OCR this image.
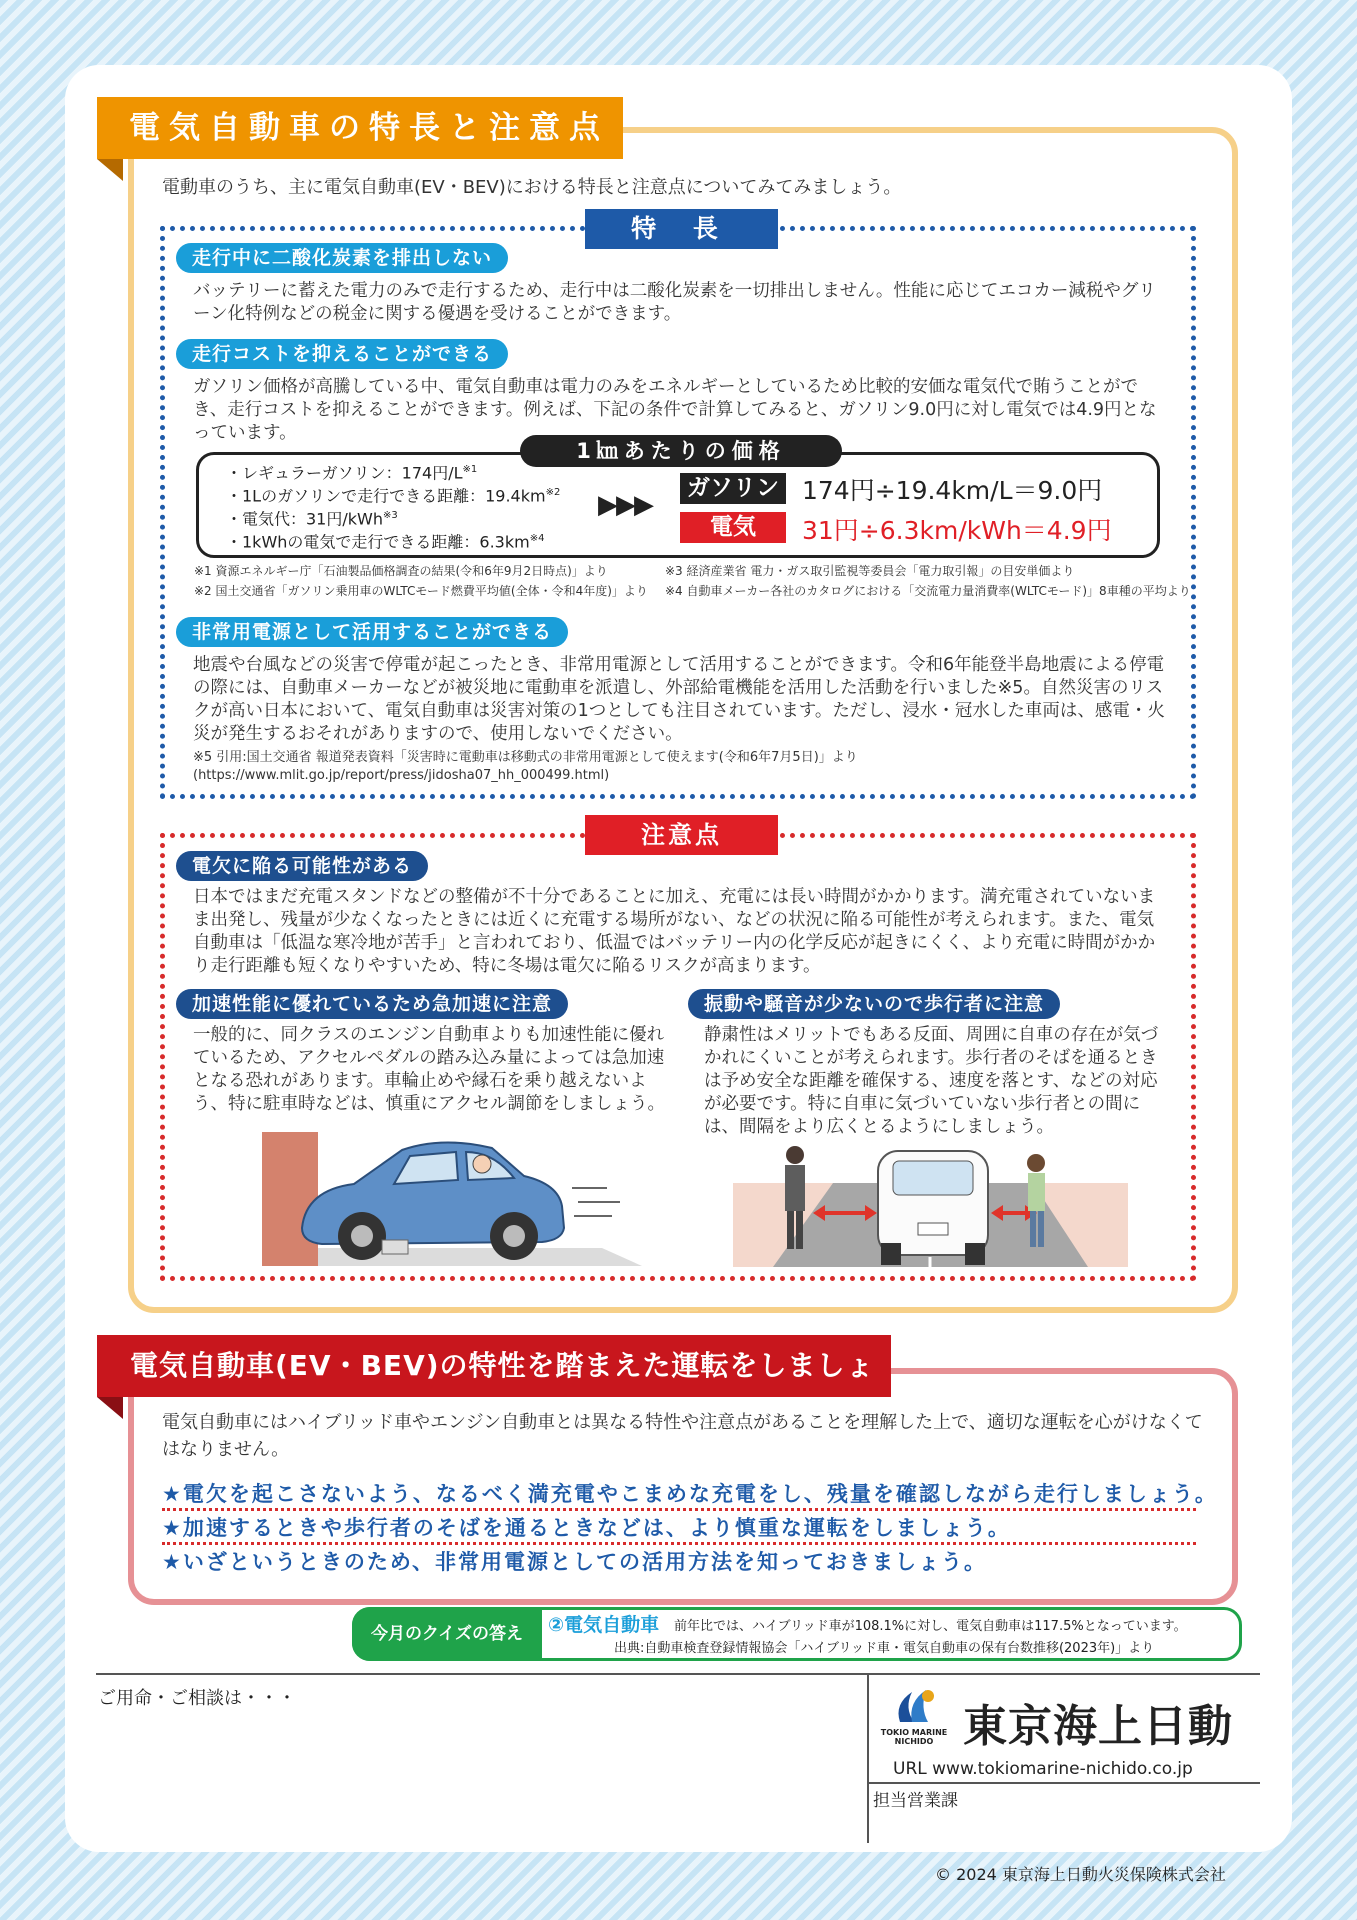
電気自動車の特長と注意点
電動車のうち、主に電気自動車(EV・BEV)における特長と注意点についてみてみましょう。
特 長
走行中に二酸化炭素を排出しない
バッテリーに蓄えた電力のみで走行するため、走行中は二酸化炭素を一切排出しません。性能に応じてエコカー減税やグリーン化特例などの税金に関する優遇を受けることができます。
走行コストを抑えることができる
ガソリン価格が高騰している中、電気自動車は電力のみをエネルギーとしているため比較的安価な電気代で賄うことができ、走行コストを抑えることができます。例えば、下記の条件で計算してみると、ガソリン9.0円に対し電気では4.9円となっています。
1㎞あたりの価格
・レギュラーガソリン：174円$/L^{※1}$
・1Lのガソリンで走行できる距離：$19.4km^{※2}$
・電気代：31円/kWh$^{※3}$
・1kWhの電気で走行できる距離：$6.3km^{※4}$
▶▶▶
ガソリン 174円÷19.4km/L＝9.0円
電気	31円÷6.3km/kWh＝4.9円
※1 資源エネルギー庁「石油製品価格調査の結果(令和6年9月2日時点)」より	※3 経済産業省 電力・ガス取引監視等委員会「電力取引報」の目安単価より
※2 国土交通省「ガソリン乗用車のWLTCモード燃費平均値(全体・令和4年度)」より ※4 自動車メーカー各社のカタログにおける「交流電力量消費率(WLTCモード)」8車種の平均より
非常用電源として活用することができる
地震や台風などの災害で停電が起こったとき、非常用電源として活用することができます。令和6年能登半島地震による停電の際には、自動車メーカーなどが被災地に電動車を派遣し、外部給電機能を活用した活動を行いました※5。自然災害のリスクが高い日本において、電気自動車は災害対策の1つとしても注目されています。ただし、浸水・冠水した車両は、感電・火災が発生するおそれがありますので、使用しないでください。
※5 引用:国土交通省 報道発表資料「災害時に電動車は移動式の非常用電源として使えます(令和6年7月5日)」より
(https://www.mlit.go.jp/report/press/jidosha07_hh_000499.html)
注意点
電欠に陥る可能性がある
日本ではまだ充電スタンドなどの整備が不十分であることに加え、充電には長い時間がかかります。満充電されていないまま出発し、残量が少なくなったときには近くに充電する場所がない、などの状況に陥る可能性が考えられます。また、電気自動車は「低温な寒冷地が苦手」と言われており、低温ではバッテリー内の化学反応が起きにくく、より充電に時間がかかり走行距離も短くなりやすいため、特に冬場は電欠に陥るリスクが高まります。
加速性能に優れているため急加速に注意
一般的に、同クラスのエンジン自動車よりも加速性能に優れているため、アクセルペダルの踏み込み量によっては急加速となる恐れがあります。車輪止めや縁石を乗り越えないよう、特に駐車時などは、慎重にアクセル調節をしましょう。
振動や騒音が少ないので歩行者に注意
静粛性はメリットでもある反面、周囲に自車の存在が気づかれにくいことが考えられます。歩行者のそばを通るときは予め安全な距離を確保する、速度を落とす、などの対応が必要です。特に自車に気づいていない歩行者との間には、間隔をより広くとるようにしましょう。
電気自動車(EV・BEV)の特性を踏まえた運転をしましょう 電気自動車にはハイブリッド車やエンジン自動車とは異なる特性や注意点があることを理解した上で、適切な運転を心がけなくてはなりません。
★電欠を起こさないよう、なるべく満充電やこまめな充電をし、残量を確認しながら走行しましょう。
★加速するときや歩行者のそばを通るときなどは、より慎重な運転をしましょう。
★いざというときのため、非常用電源としての活用方法を知っておきましょう。
今月のクイズの答え	②電気自動車 前年比では、ハイブリッド車が108.1%に対し、電気自動車は117.5%となっています。
出典:自動車検査登録情報協会「ハイブリッド車・電気自動車の保有台数推移(2023年)」より
ご用命・ご相談は・・・
TOKIO MARINE
NICHIDO 東京海上日動
URL www.tokiomarine-nichido.co.jp
担当営業課
© 2024 東京海上日動火災保険株式会社
